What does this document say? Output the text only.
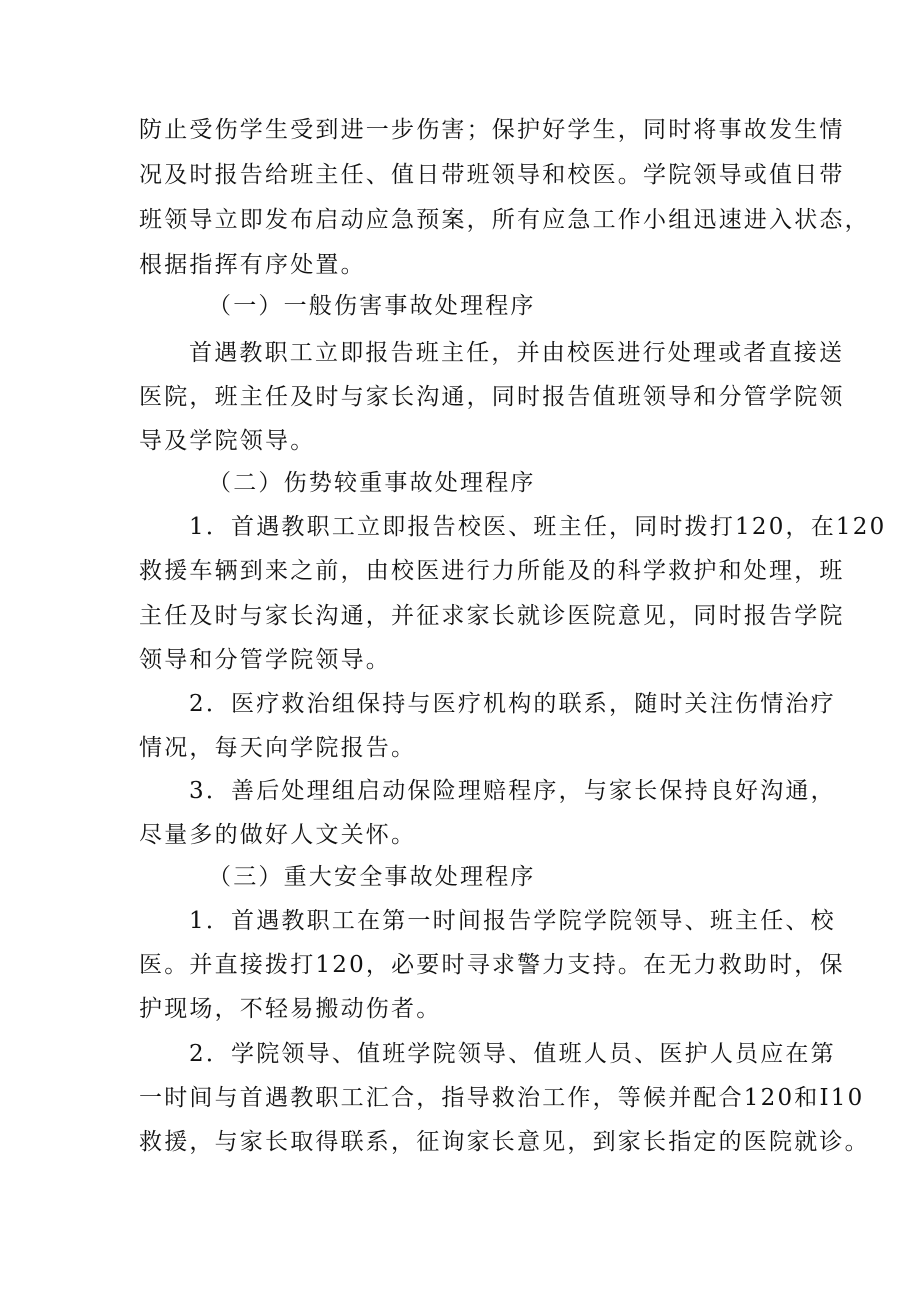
防止受伤学生受到进一步伤害；保护好学生，同时将事故发生情
况及时报告给班主任、值日带班领导和校医。学院领导或值日带
班领导立即发布启动应急预案，所有应急工作小组迅速进入状态，
根据指挥有序处置。
（一）一般伤害事故处理程序
首遇教职工立即报告班主任，并由校医进行处理或者直接送
医院，班主任及时与家长沟通，同时报告值班领导和分管学院领
导及学院领导。
（二）伤势较重事故处理程序
1．首遇教职工立即报告校医、班主任，同时拨打120，在120
救援车辆到来之前，由校医进行力所能及的科学救护和处理，班
主任及时与家长沟通，并征求家长就诊医院意见，同时报告学院
领导和分管学院领导。
2．医疗救治组保持与医疗机构的联系，随时关注伤情治疗
情况，每天向学院报告。
3．善后处理组启动保险理赔程序，与家长保持良好沟通，
尽量多的做好人文关怀。
（三）重大安全事故处理程序
1．首遇教职工在第一时间报告学院学院领导、班主任、校
医。并直接拨打120，必要时寻求警力支持。在无力救助时，保
护现场，不轻易搬动伤者。
2．学院领导、值班学院领导、值班人员、医护人员应在第
一时间与首遇教职工汇合，指导救治工作，等候并配合120和I10
救援，与家长取得联系，征询家长意见，到家长指定的医院就诊。
